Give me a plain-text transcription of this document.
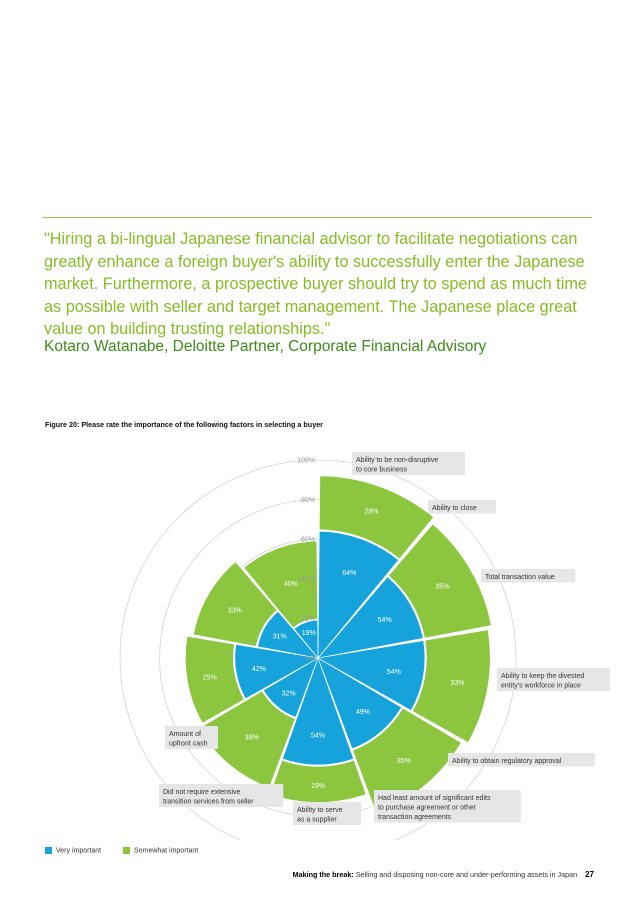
"Hiring a bi-lingual Japanese financial advisor to facilitate negotiations can greatly enhance a foreign buyer's ability to successfully enter the Japanese market. Furthermore, a prospective buyer should try to spend as much time as possible with seller and target management. The Japanese place great value on building trusting relationships."

Kotaro Watanabe, Deloitte Partner, Corporate Financial Advisory

Figure 20: Please rate the importance of the following factors in selecting a buyer

0%
20%
40%
60%
80%
100%
64%
28%
54%
35%
54%
33%
49%
35%
54%
19%
32%
38%
42%
25%
31%
33%
19%
40%
Ability to be non-disruptive
to core business
Ability to close
Total transaction value
Ability to keep the divested
entity's workforce in place
Ability to obtain regulatory approval
Had least amount of significant edits
to purchase agreement or other
transaction agreements
Ability to serve
as a supplier
Did not require extensive
transition services from seller
Amount of
upfront cash
Very important	Somewhat important
Making the break: Selling and disposing non-core and under-performing assets in Japan 27
